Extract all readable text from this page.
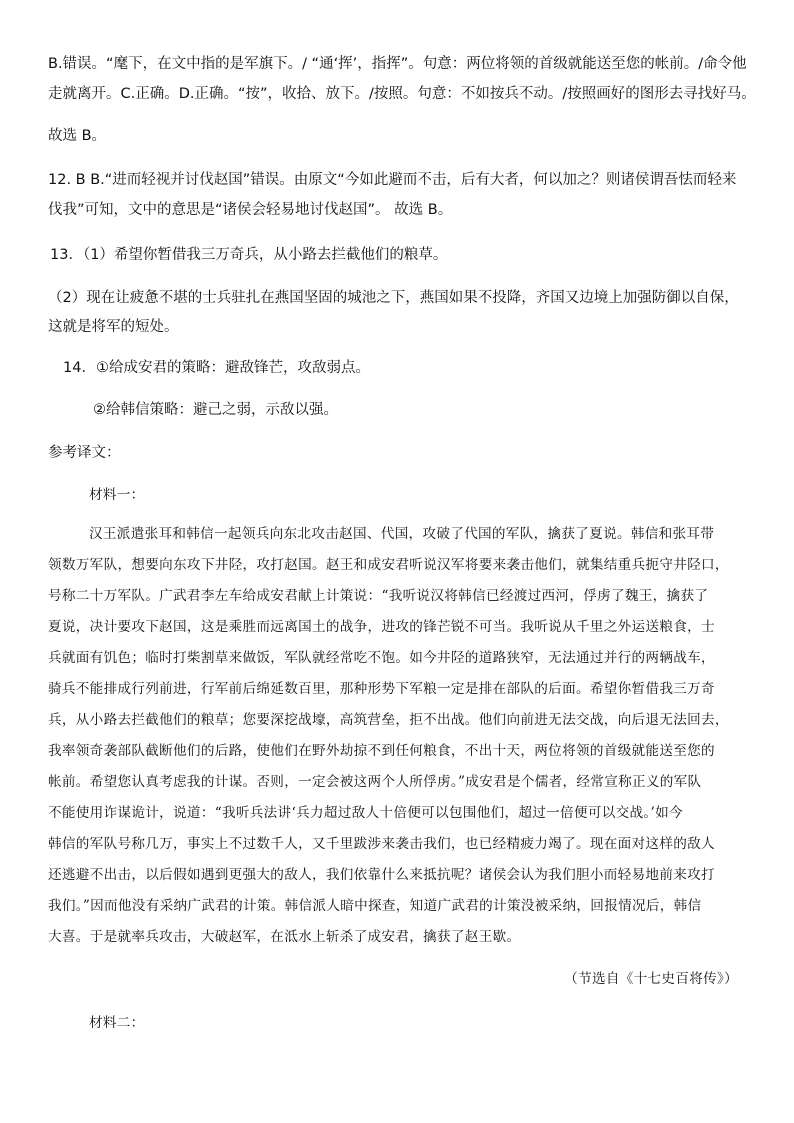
B.错误。“麾下，在文中指的是军旗下。/ “通‘挥’，指挥”。句意：两位将领的首级就能送至您的帐前。/命令他

走就离开。C.正确。D.正确。“按”，收拾、放下。/按照。句意：不如按兵不动。/按照画好的图形去寻找好马。

故选 B。

12. B B.“进而轻视并讨伐赵国”错误。由原文“今如此避而不击，后有大者，何以加之？则诸侯谓吾怯而轻来

伐我”可知，文中的意思是“诸侯会轻易地讨伐赵国”。 故选 B。

13．（1）希望你暂借我三万奇兵，从小路去拦截他们的粮草。

（2）现在让疲惫不堪的士兵驻扎在燕国坚固的城池之下，燕国如果不投降，齐国又边境上加强防御以自保，

这就是将军的短处。

14．①给成安君的策略：避敌锋芒，攻敌弱点。

②给韩信策略：避己之弱，示敌以强。

参考译文：

材料一：

汉王派遣张耳和韩信一起领兵向东北攻击赵国、代国，攻破了代国的军队，擒获了夏说。韩信和张耳带

领数万军队，想要向东攻下井陉，攻打赵国。赵王和成安君听说汉军将要来袭击他们，就集结重兵扼守井陉口，

号称二十万军队。广武君李左车给成安君献上计策说：“我听说汉将韩信已经渡过西河，俘虏了魏王，擒获了

夏说，决计要攻下赵国，这是乘胜而远离国土的战争，进攻的锋芒锐不可当。我听说从千里之外运送粮食，士

兵就面有饥色；临时打柴割草来做饭，军队就经常吃不饱。如今井陉的道路狭窄，无法通过并行的两辆战车，

骑兵不能排成行列前进，行军前后绵延数百里，那种形势下军粮一定是排在部队的后面。希望你暂借我三万奇

兵，从小路去拦截他们的粮草；您要深挖战壕，高筑营垒，拒不出战。他们向前进无法交战，向后退无法回去，

我率领奇袭部队截断他们的后路，使他们在野外劫掠不到任何粮食，不出十天，两位将领的首级就能送至您的

帐前。希望您认真考虑我的计谋。否则，一定会被这两个人所俘虏。”成安君是个儒者，经常宣称正义的军队

不能使用诈谋诡计，说道：“我听兵法讲‘兵力超过敌人十倍便可以包围他们，超过一倍便可以交战。’如今

韩信的军队号称几万，事实上不过数千人，又千里跋涉来袭击我们，也已经精疲力竭了。现在面对这样的敌人

还逃避不出击，以后假如遇到更强大的敌人，我们依靠什么来抵抗呢？诸侯会认为我们胆小而轻易地前来攻打

我们。”因而他没有采纳广武君的计策。韩信派人暗中探查，知道广武君的计策没被采纳，回报情况后，韩信

大喜。于是就率兵攻击，大破赵军，在泜水上斩杀了成安君，擒获了赵王歇。

（节选自《十七史百将传》）

材料二：
